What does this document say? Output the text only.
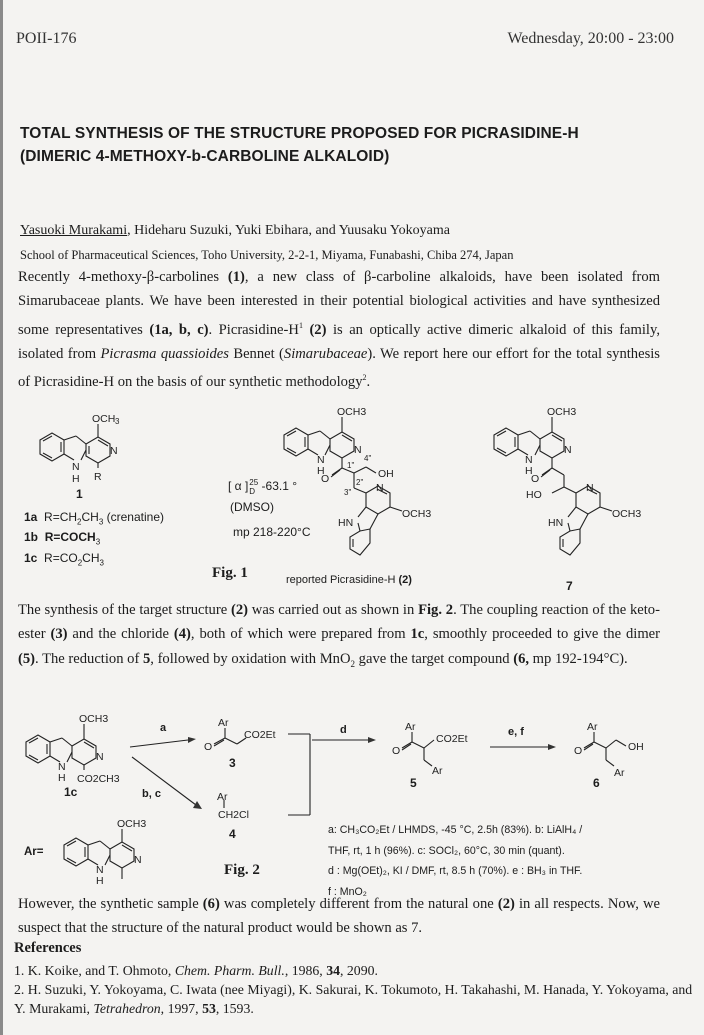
POII-176	Wednesday, 20:00 - 23:00
TOTAL SYNTHESIS OF THE STRUCTURE PROPOSED FOR PICRASIDINE-H
(DIMERIC 4-METHOXY-b-CARBOLINE ALKALOID)
Yasuoki Murakami, Hideharu Suzuki, Yuki Ebihara, and Yuusaku Yokoyama
School of Pharmaceutical Sciences, Toho University, 2-2-1, Miyama, Funabashi, Chiba 274, Japan
Recently 4-methoxy-β-carbolines (1), a new class of β-carboline alkaloids, have been isolated from Simarubaceae plants. We have been interested in their potential biological activities and have synthesized some representatives (1a, b, c). Picrasidine-$H^1$ (2) is an optically active dimeric alkaloid of this family, isolated from Picrasma quassioides Bennet (Simarubaceae). We report here our effort for the total synthesis of Picrasidine-H on the basis of our synthetic methodology$^2$.
OCH 3
N
N
H R
1
1a $R=CH_2CH_3$ (crenatine)
1b $R=COCH_3$
1c $R=CO_2CH_3$
[ α ] 25
D -63.1 °
(DMSO)
mp 218-220°C
OCH3
N
N
H
O
1"
4"
OH
2"
3" N
OCH3
HN
reported Picrasidine-H (2)
Fig. 1
OCH3
N
N
H
O
HO
N
OCH3
HN
7
The synthesis of the target structure (2) was carried out as shown in Fig. 2. The coupling reaction of the keto-ester (3) and the chloride (4), both of which were prepared from 1c, smoothly proceeded to give the dimer (5). The reduction of 5, followed by oxidation with MnO$_2$ gave the target compound (6, mp 192-194°C).
OCH3
N
N
H CO2CH3
1c
Ar
O
CO2Et
Ar
CH2Cl
Ar
O
CO2Et
Ar
Ar
O	OH
Ar
a
b, c
d	e, f
3
4
5	6
Ar=
OCH3
N
N
H
a: CH₃CO₂Et / LHMDS, -45 °C, 2.5h (83%). b: LiAlH₄ /
THF, rt, 1 h (96%). c: SOCl₂, 60°C, 30 min (quant).
d : Mg(OEt)₂, KI / DMF, rt, 8.5 h (70%). e : BH₃ in THF.
f : MnO₂
Fig. 2
However, the synthetic sample (6) was completely different from the natural one (2) in all respects. Now, we suspect that the structure of the natural product would be shown as 7.
References
1. K. Koike, and T. Ohmoto, Chem. Pharm. Bull., 1986, 34, 2090.
2. H. Suzuki, Y. Yokoyama, C. Iwata (nee Miyagi), K. Sakurai, K. Tokumoto, H. Takahashi, M. Hanada, Y. Yokoyama, and Y. Murakami, Tetrahedron, 1997, 53, 1593.
